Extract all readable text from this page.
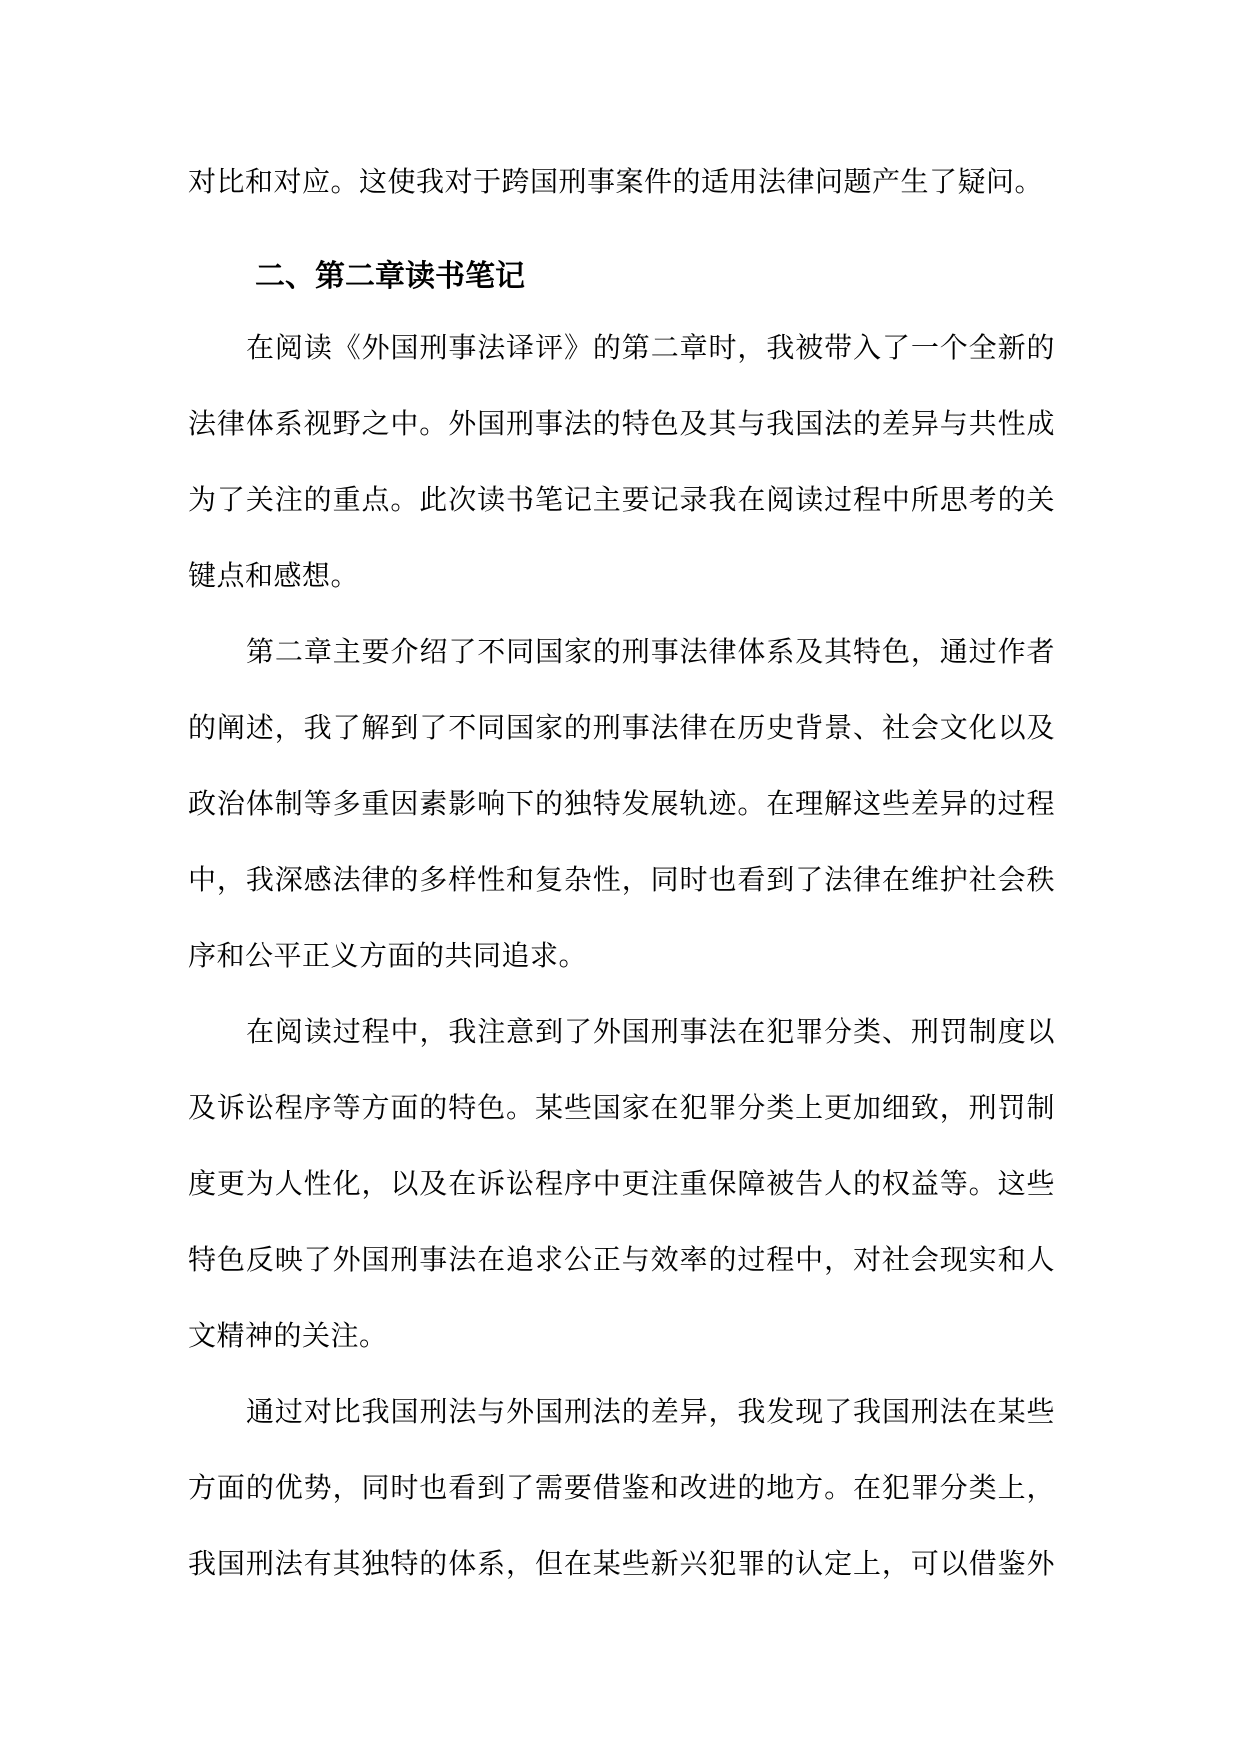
对比和对应。这使我对于跨国刑事案件的适用法律问题产生了疑问。
二、第二章读书笔记
在阅读《外国刑事法译评》的第二章时，我被带入了一个全新的
法律体系视野之中。外国刑事法的特色及其与我国法的差异与共性成
为了关注的重点。此次读书笔记主要记录我在阅读过程中所思考的关
键点和感想。
第二章主要介绍了不同国家的刑事法律体系及其特色，通过作者
的阐述，我了解到了不同国家的刑事法律在历史背景、社会文化以及
政治体制等多重因素影响下的独特发展轨迹。在理解这些差异的过程
中，我深感法律的多样性和复杂性，同时也看到了法律在维护社会秩
序和公平正义方面的共同追求。
在阅读过程中，我注意到了外国刑事法在犯罪分类、刑罚制度以
及诉讼程序等方面的特色。某些国家在犯罪分类上更加细致，刑罚制
度更为人性化，以及在诉讼程序中更注重保障被告人的权益等。这些
特色反映了外国刑事法在追求公正与效率的过程中，对社会现实和人
文精神的关注。
通过对比我国刑法与外国刑法的差异，我发现了我国刑法在某些
方面的优势，同时也看到了需要借鉴和改进的地方。在犯罪分类上，
我国刑法有其独特的体系，但在某些新兴犯罪的认定上，可以借鉴外
